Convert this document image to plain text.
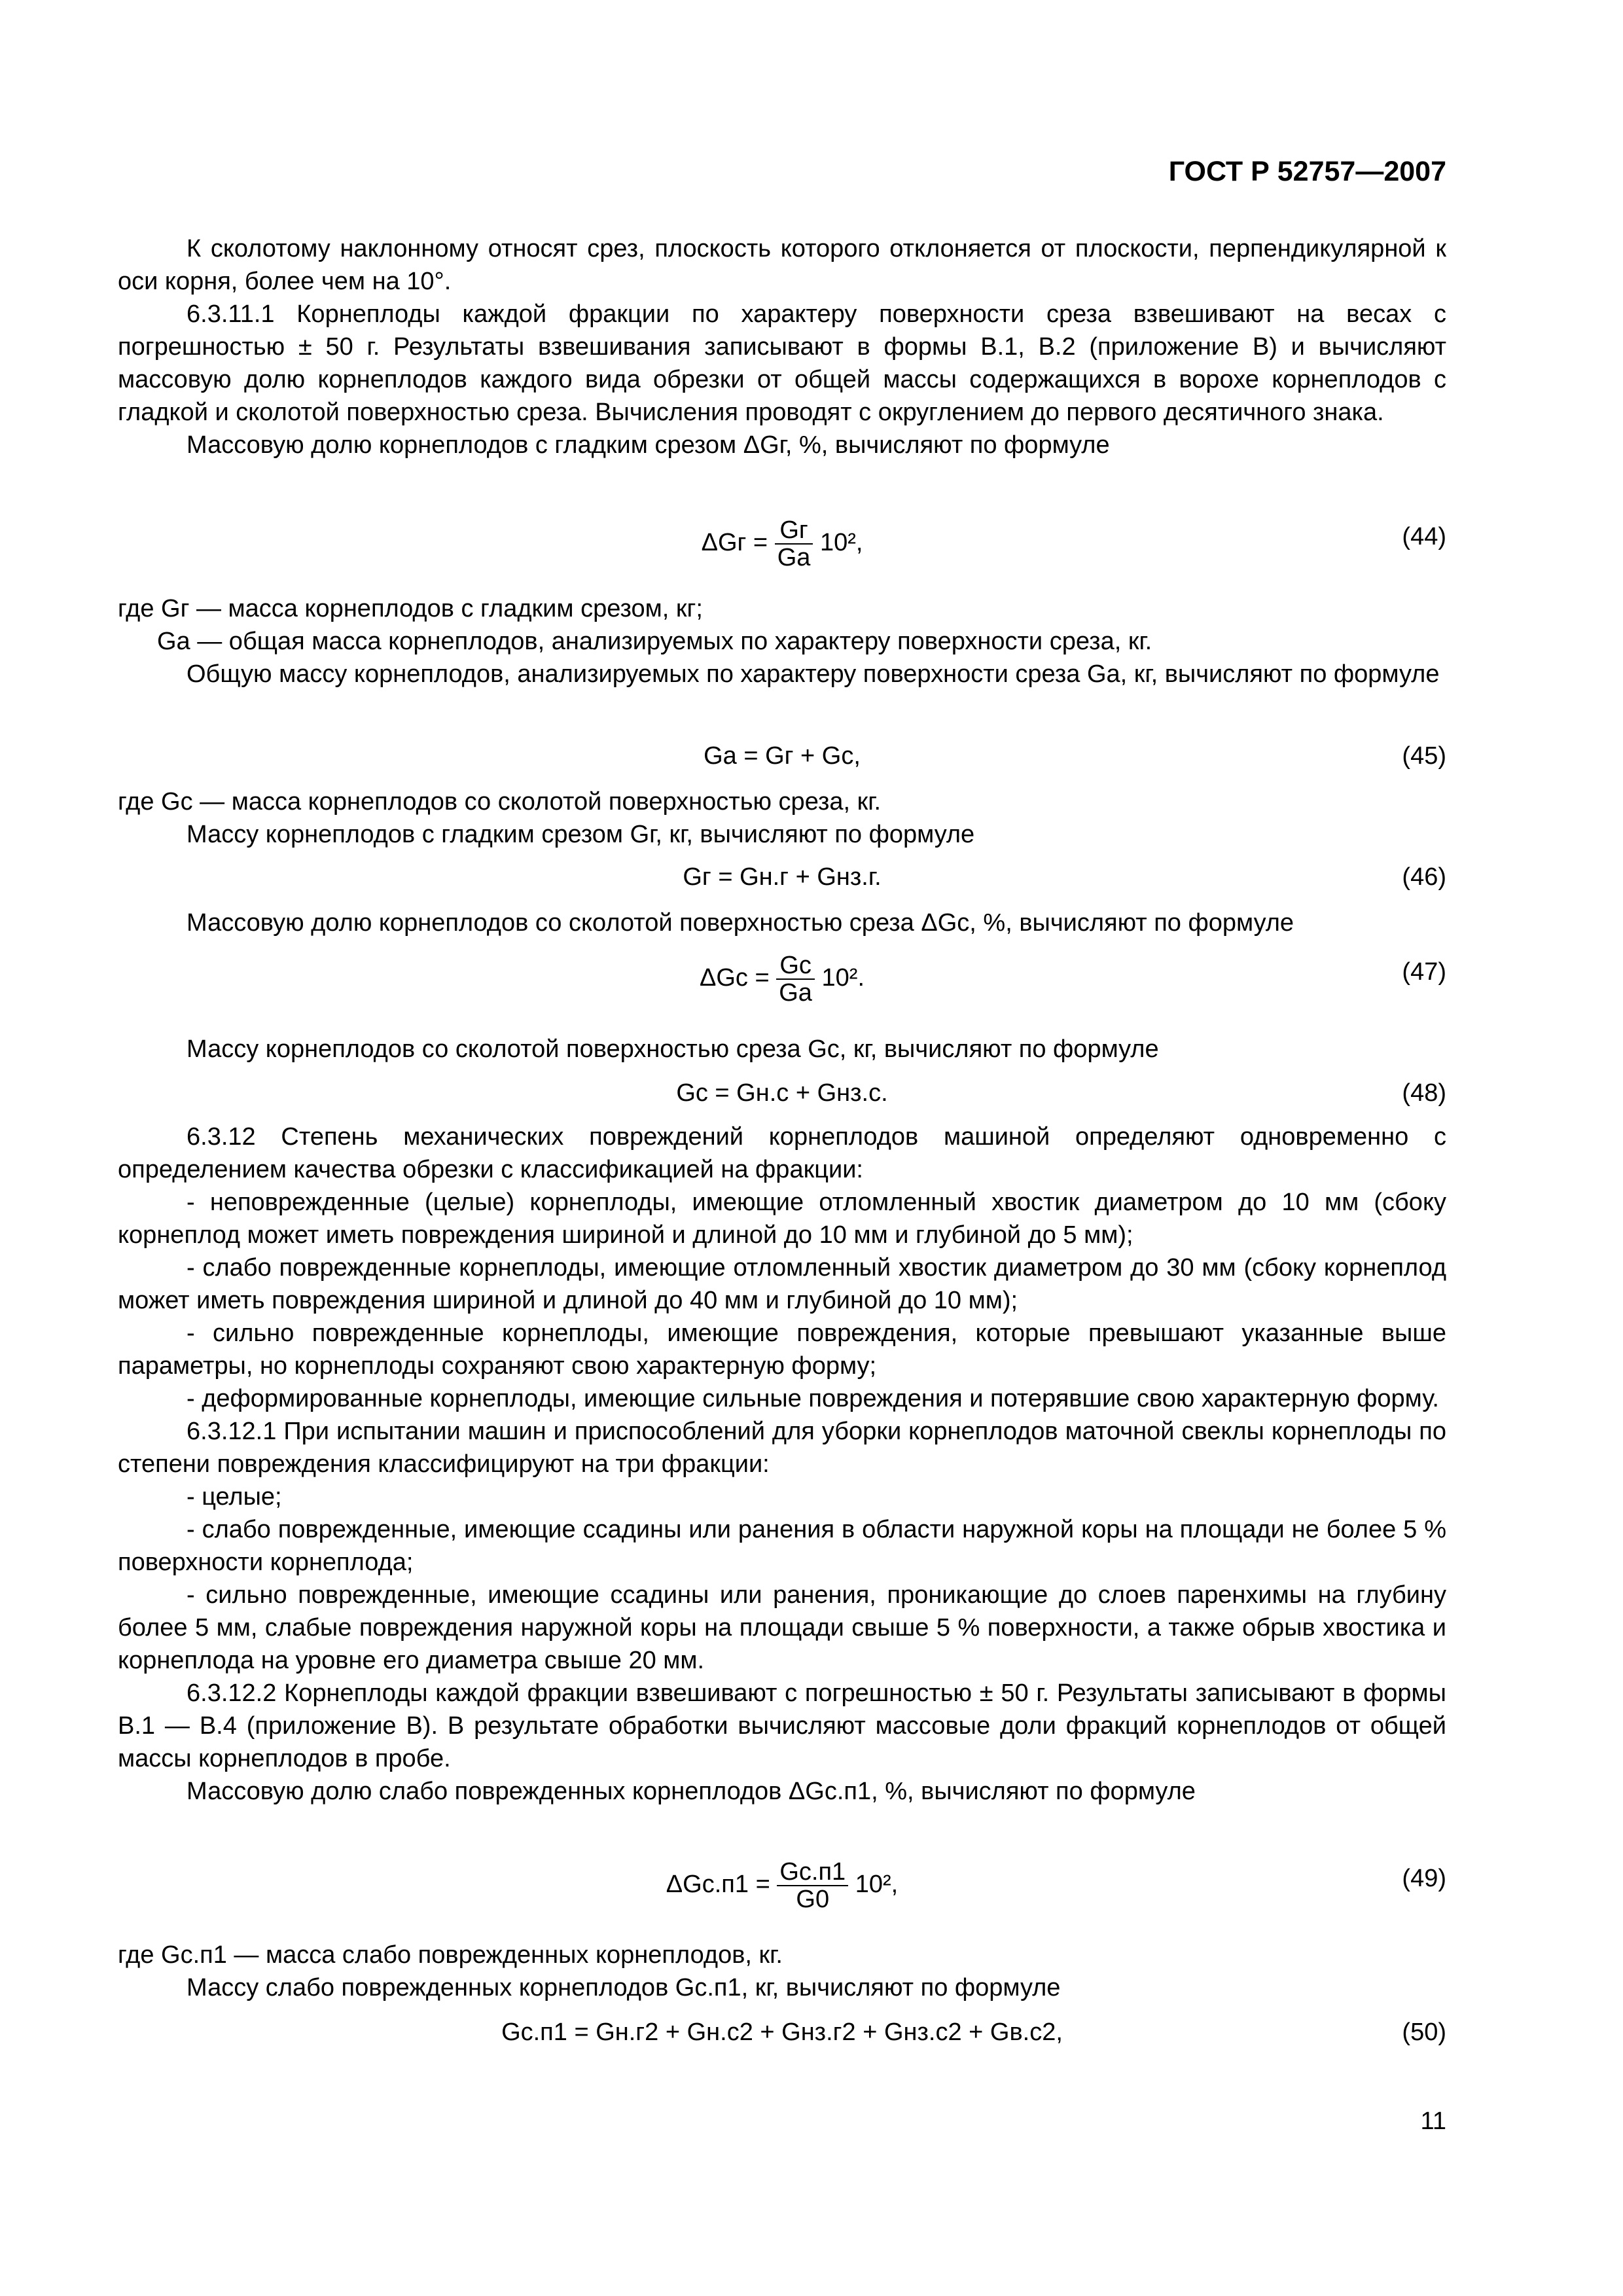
ГОСТ Р 52757—2007

К сколотому наклонному относят срез, плоскость которого отклоняется от плоскости, перпендикулярной к оси корня, более чем на 10°.

6.3.11.1 Корнеплоды каждой фракции по характеру поверхности среза взвешивают на весах с погрешностью ± 50 г. Результаты взвешивания записывают в формы В.1, В.2 (приложение В) и вычисляют массовую долю корнеплодов каждого вида обрезки от общей массы содержащихся в ворохе корнеплодов с гладкой и сколотой поверхностью среза. Вычисления проводят с округлением до первого десятичного знака.

Массовую долю корнеплодов с гладким срезом ΔGг, %, вычисляют по формуле

ΔGг = Gг
Gа
10²,	(44)

где Gг — масса корнеплодов с гладким срезом, кг;

Gа — общая масса корнеплодов, анализируемых по характеру поверхности среза, кг.

Общую массу корнеплодов, анализируемых по характеру поверхности среза Gа, кг, вычисляют по формуле

Gа = Gг + Gс,	(45)

где Gс — масса корнеплодов со сколотой поверхностью среза, кг.

Массу корнеплодов с гладким срезом Gг, кг, вычисляют по формуле

Gг = Gн.г + Gнз.г.	(46)

Массовую долю корнеплодов со сколотой поверхностью среза ΔGс, %, вычисляют по формуле

ΔGс = Gс
Gа
10².	(47)

Массу корнеплодов со сколотой поверхностью среза Gс, кг, вычисляют по формуле

Gс = Gн.с + Gнз.с.	(48)

6.3.12 Степень механических повреждений корнеплодов машиной определяют одновременно с определением качества обрезки с классификацией на фракции:

- неповрежденные (целые) корнеплоды, имеющие отломленный хвостик диаметром до 10 мм (сбоку корнеплод может иметь повреждения шириной и длиной до 10 мм и глубиной до 5 мм);

- слабо поврежденные корнеплоды, имеющие отломленный хвостик диаметром до 30 мм (сбоку корнеплод может иметь повреждения шириной и длиной до 40 мм и глубиной до 10 мм);

- сильно поврежденные корнеплоды, имеющие повреждения, которые превышают указанные выше параметры, но корнеплоды сохраняют свою характерную форму;

- деформированные корнеплоды, имеющие сильные повреждения и потерявшие свою характерную форму.

6.3.12.1 При испытании машин и приспособлений для уборки корнеплодов маточной свеклы корнеплоды по степени повреждения классифицируют на три фракции:

- целые;

- слабо поврежденные, имеющие ссадины или ранения в области наружной коры на площади не более 5 % поверхности корнеплода;

- сильно поврежденные, имеющие ссадины или ранения, проникающие до слоев паренхимы на глубину более 5 мм, слабые повреждения наружной коры на площади свыше 5 % поверхности, а также обрыв хвостика и корнеплода на уровне его диаметра свыше 20 мм.

6.3.12.2 Корнеплоды каждой фракции взвешивают с погрешностью ± 50 г. Результаты записывают в формы В.1 — В.4 (приложение В). В результате обработки вычисляют массовые доли фракций корнеплодов от общей массы корнеплодов в пробе.

Массовую долю слабо поврежденных корнеплодов ΔGс.п1, %, вычисляют по формуле

ΔGс.п1 = Gс.п1
G0
10²,	(49)

где Gс.п1 — масса слабо поврежденных корнеплодов, кг.

Массу слабо поврежденных корнеплодов Gс.п1, кг, вычисляют по формуле

Gс.п1 = Gн.г2 + Gн.с2 + Gнз.г2 + Gнз.с2 + Gв.с2,	(50)
11
